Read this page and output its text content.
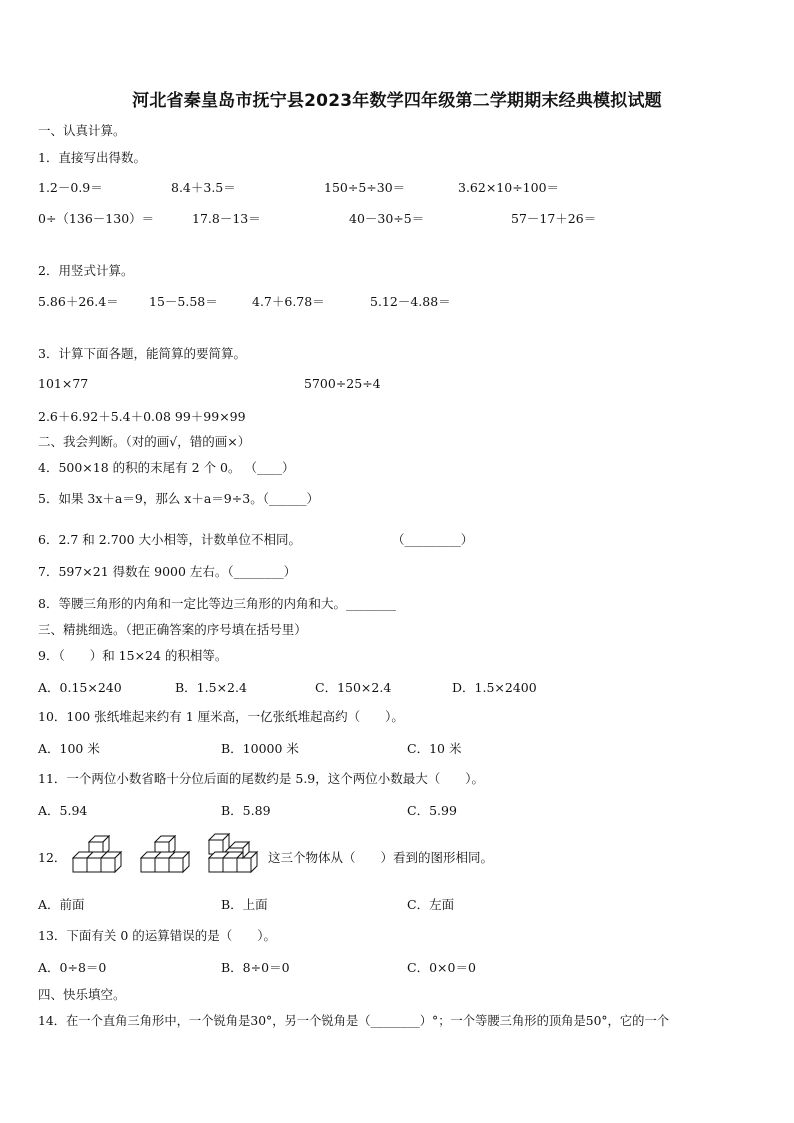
河北省秦皇岛市抚宁县2023年数学四年级第二学期期末经典模拟试题
一、认真计算。
1．直接写出得数。
1.2－0.9＝	8.4＋3.5＝	150÷5÷30＝	3.62×10÷100＝
0÷（136－130）＝	17.8－13＝	40－30÷5＝	57－17＋26＝
2．用竖式计算。
5.86＋26.4＝ 15－5.58＝	4.7＋6.78＝	5.12－4.88＝
3．计算下面各题，能简算的要简算。
101×77	5700÷25÷4
2.6＋6.92＋5.4＋0.08 99＋99×99
二、我会判断。（对的画√，错的画×）
4．500×18 的积的末尾有 2 个 0。 （____）
5．如果 3x＋a＝9，那么 x＋a＝9÷3。（______）
6．2.7 和 2.700 大小相等，计数单位不相同。	（_________）
7．597×21 得数在 9000 左右。（________）
8．等腰三角形的内角和一定比等边三角形的内角和大。________
三、精挑细选。（把正确答案的序号填在括号里）
9．（　　）和 15×24 的积相等。
A．0.15×240	B．1.5×2.4	C．150×2.4	D．1.5×2400
10．100 张纸堆起来约有 1 厘米高，一亿张纸堆起高约（　　）。
A．100 米	B．10000 米	C．10 米
11．一个两位小数省略十分位后面的尾数约是 5.9，这个两位小数最大（　　）。
A．5.94	B．5.89	C．5.99
12．	这三个物体从（　　）看到的图形相同。
A．前面	B．上面	C．左面
13．下面有关 0 的运算错误的是（　　）。
A．0÷8＝0	B．8÷0＝0	C．0×0＝0
四、快乐填空。
14．在一个直角三角形中，一个锐角是30°，另一个锐角是（________）°；一个等腰三角形的顶角是50°，它的一个
